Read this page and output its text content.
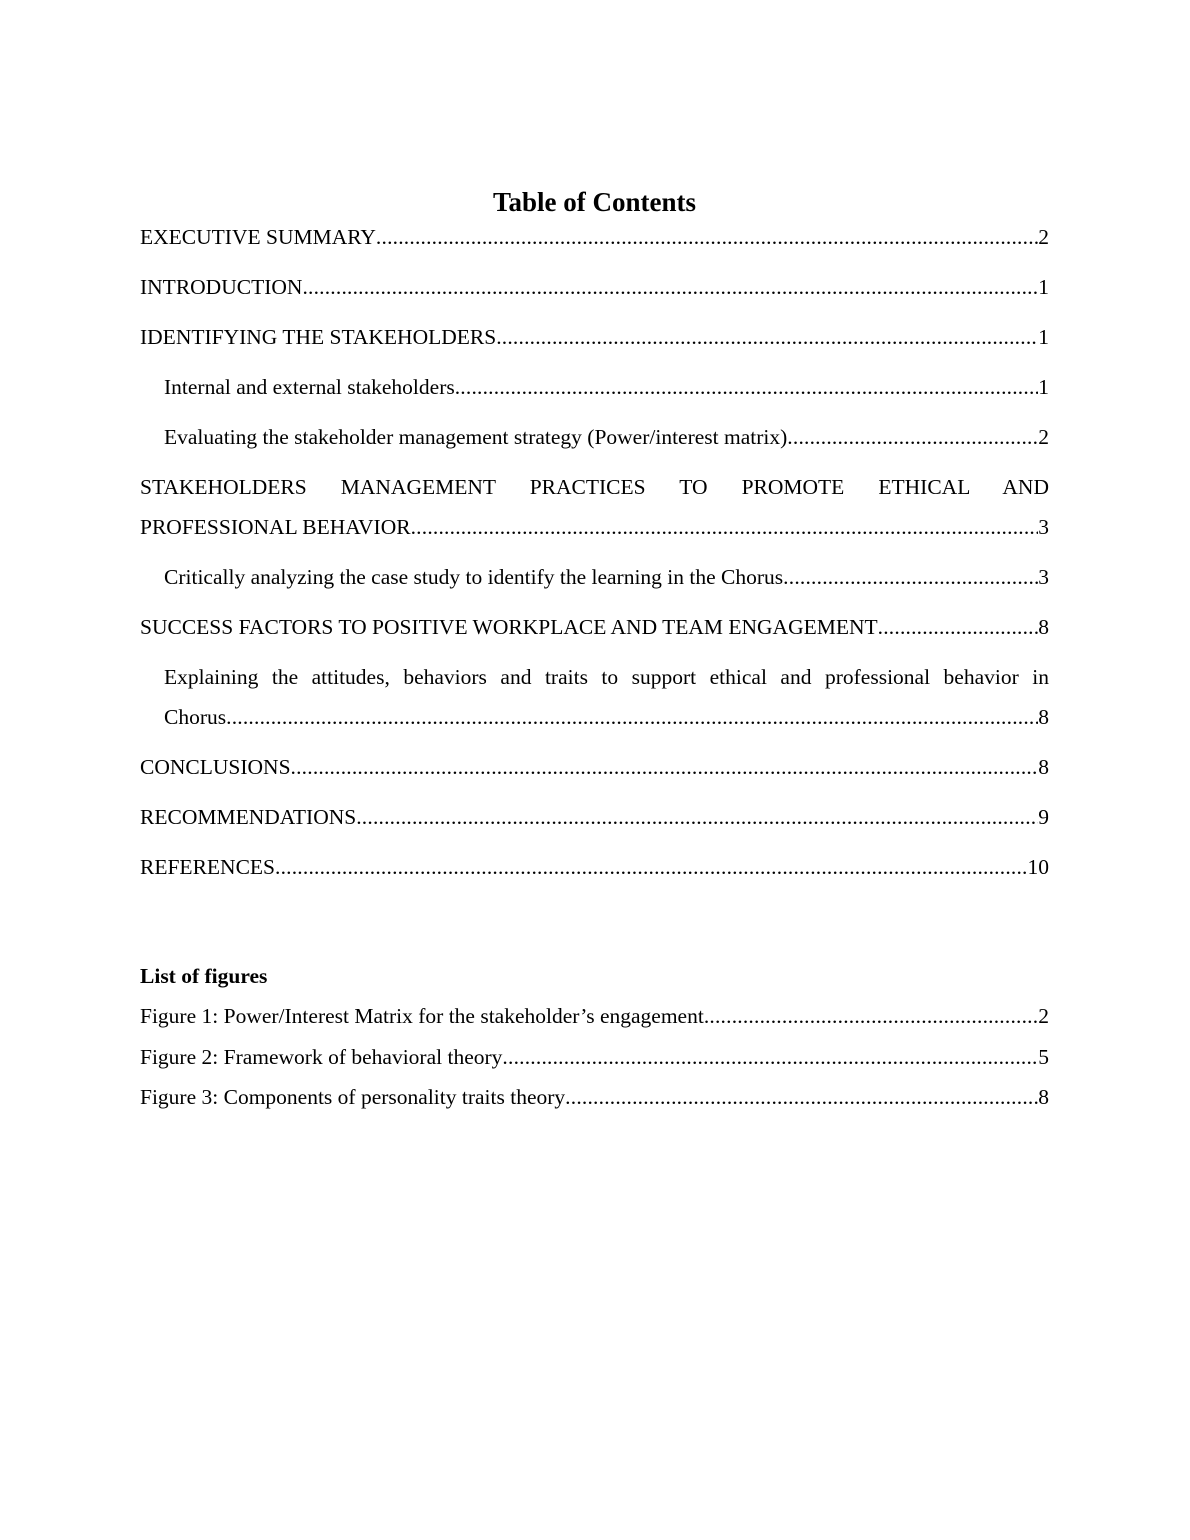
Table of Contents
EXECUTIVE SUMMARY .....	2
INTRODUCTION .....	1
IDENTIFYING THE STAKEHOLDERS .....	1
Internal and external stakeholders .....	1
Evaluating the stakeholder management strategy (Power/interest matrix) .....	2
STAKEHOLDERS MANAGEMENT PRACTICES TO PROMOTE ETHICAL AND
PROFESSIONAL BEHAVIOR .....	3
Critically analyzing the case study to identify the learning in the Chorus .....	3
SUCCESS FACTORS TO POSITIVE WORKPLACE AND TEAM ENGAGEMENT .....	8
Explaining the attitudes, behaviors and traits to support ethical and professional behavior in
Chorus .....	8
CONCLUSIONS .....	8
RECOMMENDATIONS .....	9
REFERENCES .....	10
List of figures
Figure 1: Power/Interest Matrix for the stakeholder’s engagement .....	2
Figure 2: Framework of behavioral theory .....	5
Figure 3: Components of personality traits theory .....	8
